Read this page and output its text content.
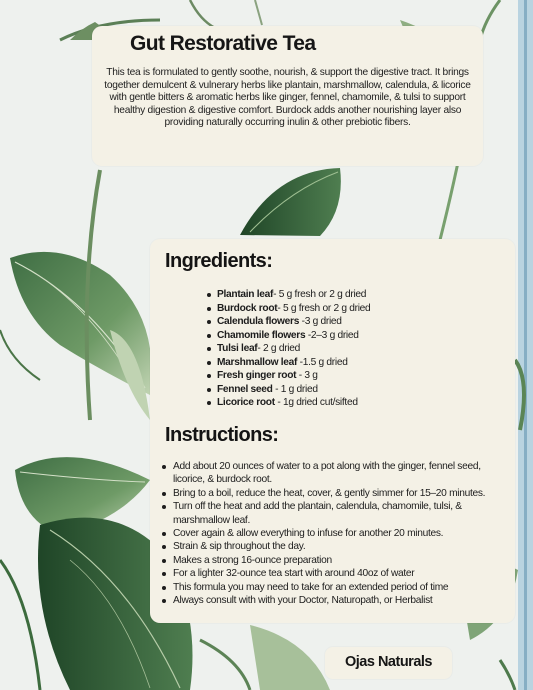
Gut Restorative Tea

This tea is formulated to gently soothe, nourish, & support the digestive tract. It brings together demulcent & vulnerary herbs like plantain, marshmallow, calendula, & licorice with gentle bitters & aromatic herbs like ginger, fennel, chamomile, & tulsi to support healthy digestion & digestive comfort. Burdock adds another nourishing layer also providing naturally occurring inulin & other prebiotic fibers.

Ingredients:
Plantain leaf- 5 g fresh or 2 g dried
Burdock root- 5 g fresh or 2 g dried
Calendula flowers -3 g dried
Chamomile flowers -2–3 g dried
Tulsi leaf- 2 g dried
Marshmallow leaf -1.5 g dried
Fresh ginger root - 3 g
Fennel seed - 1 g dried
Licorice root - 1g dried cut/sifted
Instructions:
Add about 20 ounces of water to a pot along with the ginger, fennel seed, licorice, & burdock root.
Bring to a boil, reduce the heat, cover, & gently simmer for 15–20 minutes.
Turn off the heat and add the plantain, calendula, chamomile, tulsi, & marshmallow leaf.
Cover again & allow everything to infuse for another 20 minutes.
Strain & sip throughout the day.
Makes a strong 16-ounce preparation
For a lighter 32-ounce tea start with around 40oz of water
This formula you may need to take for an extended period of time
Always consult with with your Doctor, Naturopath, or Herbalist

Ojas Naturals
